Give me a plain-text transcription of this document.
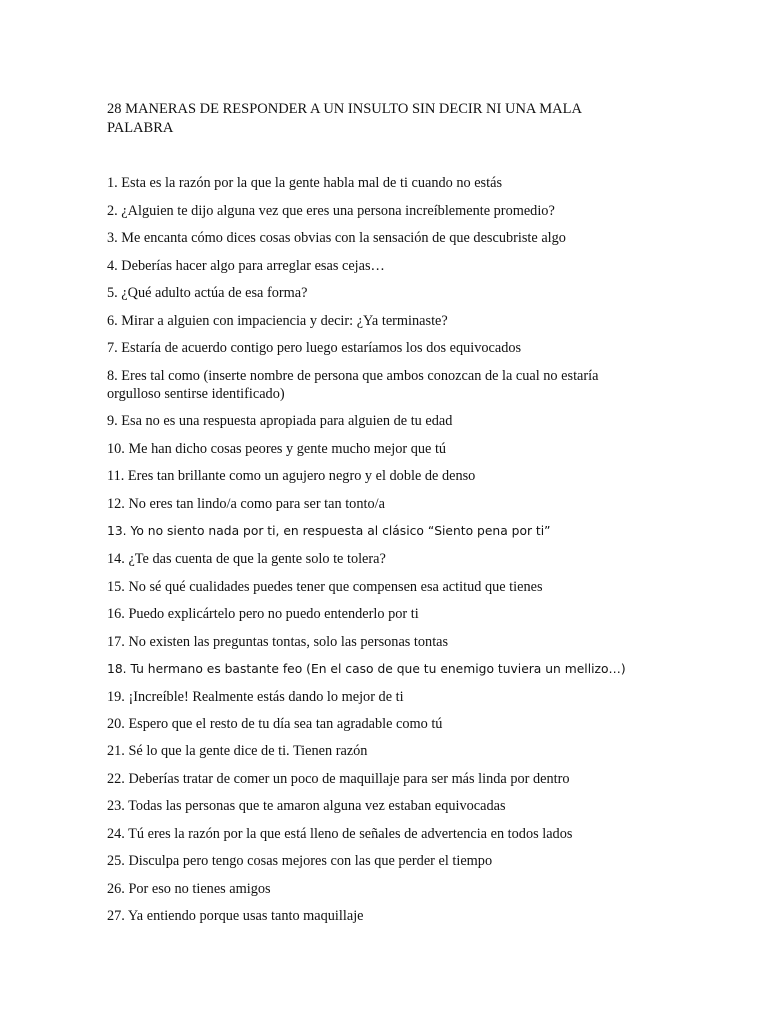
28 MANERAS DE RESPONDER A UN INSULTO SIN DECIR NI UNA MALA PALABRA
1. Esta es la razón por la que la gente habla mal de ti cuando no estás
2. ¿Alguien te dijo alguna vez que eres una persona increíblemente promedio?
3. Me encanta cómo dices cosas obvias con la sensación de que descubriste algo
4. Deberías hacer algo para arreglar esas cejas…
5. ¿Qué adulto actúa de esa forma?
6. Mirar a alguien con impaciencia y decir: ¿Ya terminaste?
7. Estaría de acuerdo contigo pero luego estaríamos los dos equivocados
8. Eres tal como (inserte nombre de persona que ambos conozcan de la cual no estaría orgulloso sentirse identificado)
9. Esa no es una respuesta apropiada para alguien de tu edad
10. Me han dicho cosas peores y gente mucho mejor que tú
11. Eres tan brillante como un agujero negro y el doble de denso
12. No eres tan lindo/a como para ser tan tonto/a
13. Yo no siento nada por ti, en respuesta al clásico “Siento pena por ti”
14. ¿Te das cuenta de que la gente solo te tolera?
15. No sé qué cualidades puedes tener que compensen esa actitud que tienes
16. Puedo explicártelo pero no puedo entenderlo por ti
17. No existen las preguntas tontas, solo las personas tontas
18. Tu hermano es bastante feo (En el caso de que tu enemigo tuviera un mellizo…)
19. ¡Increíble! Realmente estás dando lo mejor de ti
20. Espero que el resto de tu día sea tan agradable como tú
21. Sé lo que la gente dice de ti. Tienen razón
22. Deberías tratar de comer un poco de maquillaje para ser más linda por dentro
23. Todas las personas que te amaron alguna vez estaban equivocadas
24. Tú eres la razón por la que está lleno de señales de advertencia en todos lados
25. Disculpa pero tengo cosas mejores con las que perder el tiempo
26. Por eso no tienes amigos
27. Ya entiendo porque usas tanto maquillaje
